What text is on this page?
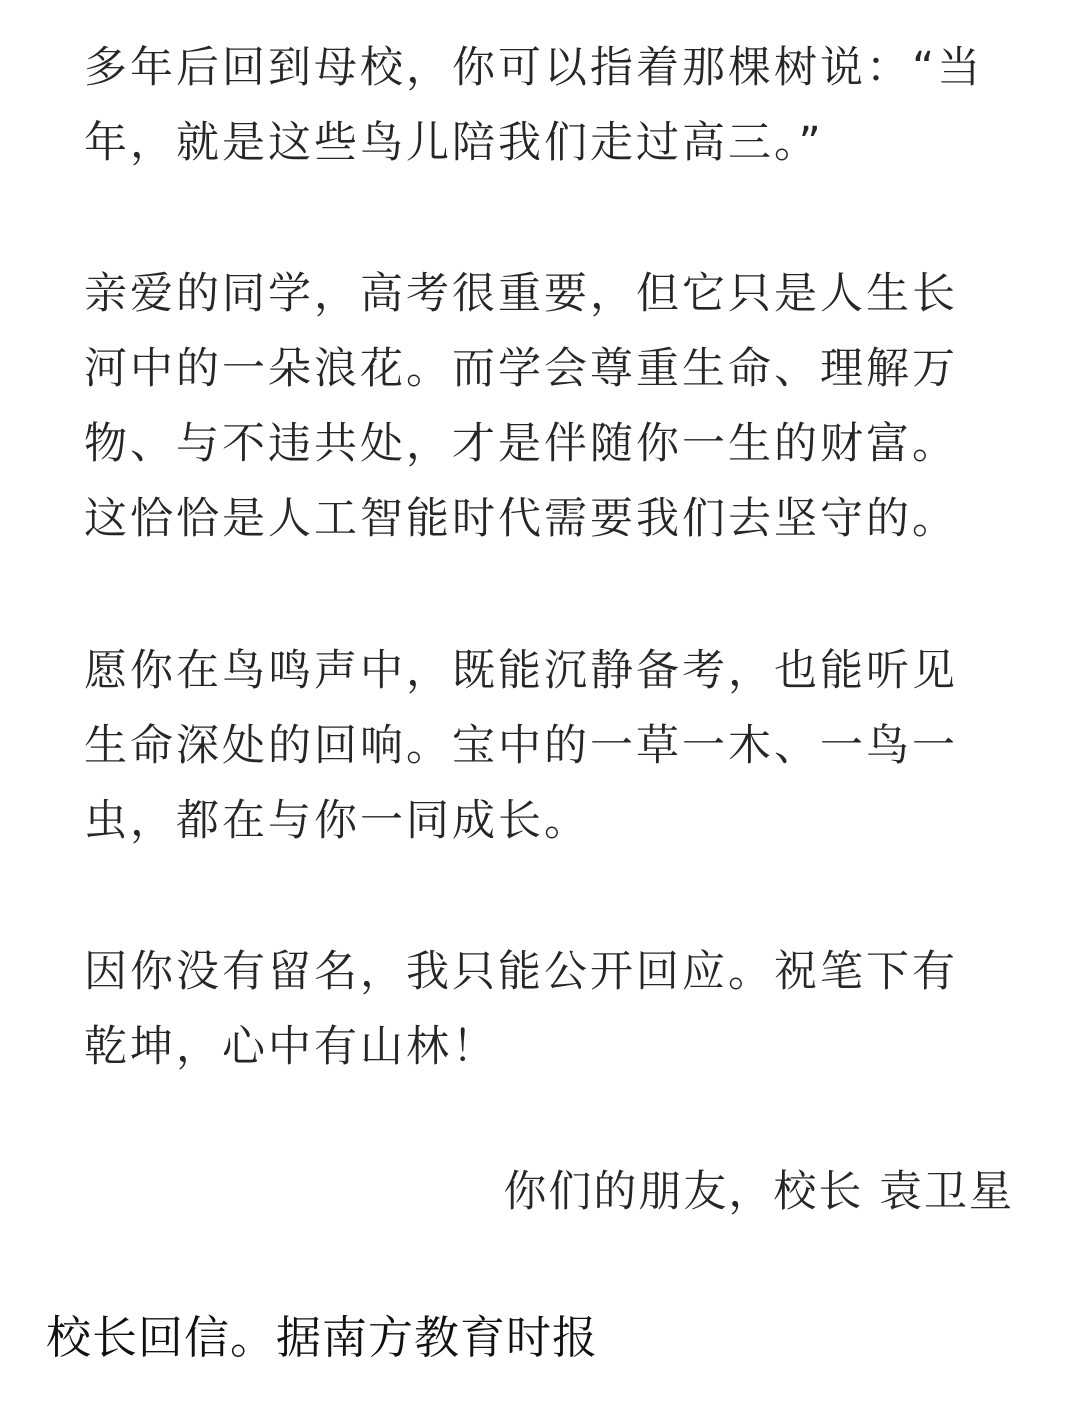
多年后回到母校，你可以指着那棵树说：“当
年，就是这些鸟儿陪我们走过高三。”
亲爱的同学，高考很重要，但它只是人生长
河中的一朵浪花。而学会尊重生命、理解万
物、与不违共处，才是伴随你一生的财富。
这恰恰是人工智能时代需要我们去坚守的。
愿你在鸟鸣声中，既能沉静备考，也能听见
生命深处的回响。宝中的一草一木、一鸟一
虫，都在与你一同成长。
因你没有留名，我只能公开回应。祝笔下有
乾坤，心中有山林！
你们的朋友，校长 袁卫星
校长回信。据南方教育时报
